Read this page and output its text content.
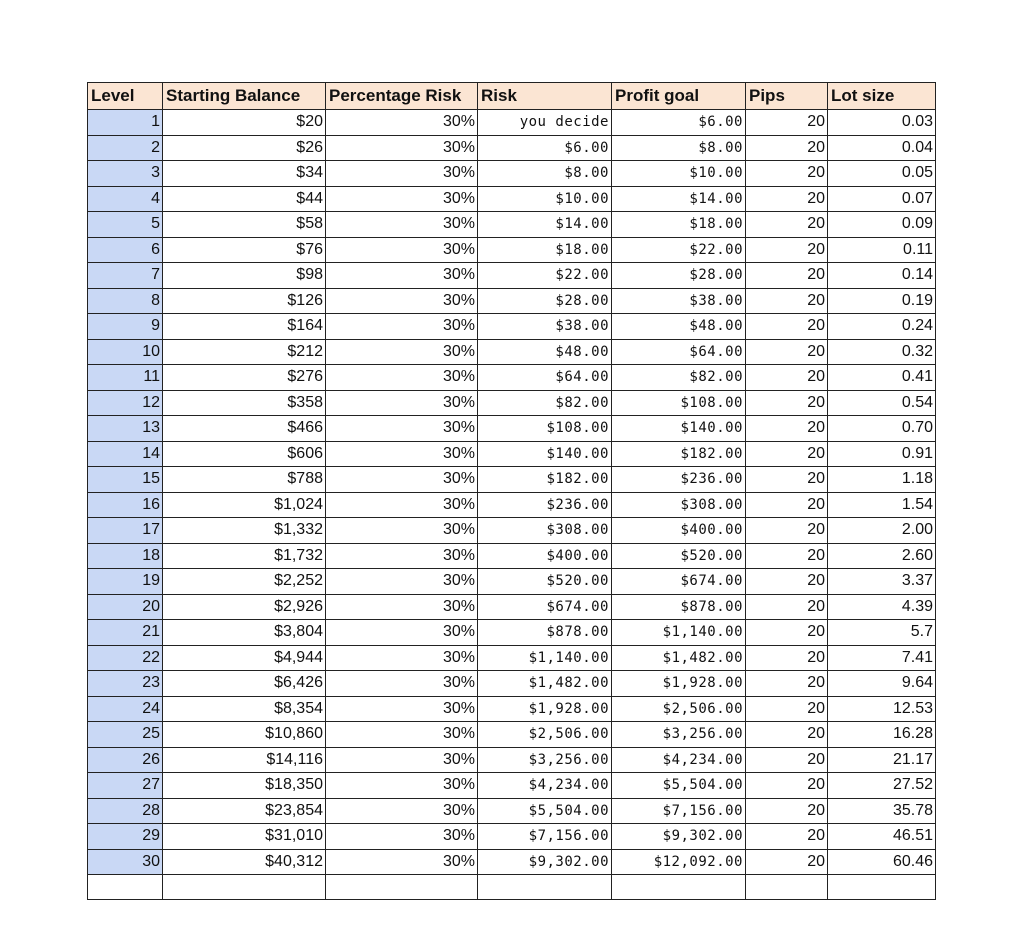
Level	Starting Balance	Percentage Risk	Risk	Profit goal	Pips	Lot size
1	$20	30%	you decide	$6.00	20	0.03
2	$26	30%	$6.00	$8.00	20	0.04
3	$34	30%	$8.00	$10.00	20	0.05
4	$44	30%	$10.00	$14.00	20	0.07
5	$58	30%	$14.00	$18.00	20	0.09
6	$76	30%	$18.00	$22.00	20	0.11
7	$98	30%	$22.00	$28.00	20	0.14
8	$126	30%	$28.00	$38.00	20	0.19
9	$164	30%	$38.00	$48.00	20	0.24
10	$212	30%	$48.00	$64.00	20	0.32
11	$276	30%	$64.00	$82.00	20	0.41
12	$358	30%	$82.00	$108.00	20	0.54
13	$466	30%	$108.00	$140.00	20	0.70
14	$606	30%	$140.00	$182.00	20	0.91
15	$788	30%	$182.00	$236.00	20	1.18
16	$1,024	30%	$236.00	$308.00	20	1.54
17	$1,332	30%	$308.00	$400.00	20	2.00
18	$1,732	30%	$400.00	$520.00	20	2.60
19	$2,252	30%	$520.00	$674.00	20	3.37
20	$2,926	30%	$674.00	$878.00	20	4.39
21	$3,804	30%	$878.00	$1,140.00	20	5.7
22	$4,944	30%	$1,140.00	$1,482.00	20	7.41
23	$6,426	30%	$1,482.00	$1,928.00	20	9.64
24	$8,354	30%	$1,928.00	$2,506.00	20	12.53
25	$10,860	30%	$2,506.00	$3,256.00	20	16.28
26	$14,116	30%	$3,256.00	$4,234.00	20	21.17
27	$18,350	30%	$4,234.00	$5,504.00	20	27.52
28	$23,854	30%	$5,504.00	$7,156.00	20	35.78
29	$31,010	30%	$7,156.00	$9,302.00	20	46.51
30	$40,312	30%	$9,302.00	$12,092.00	20	60.46
